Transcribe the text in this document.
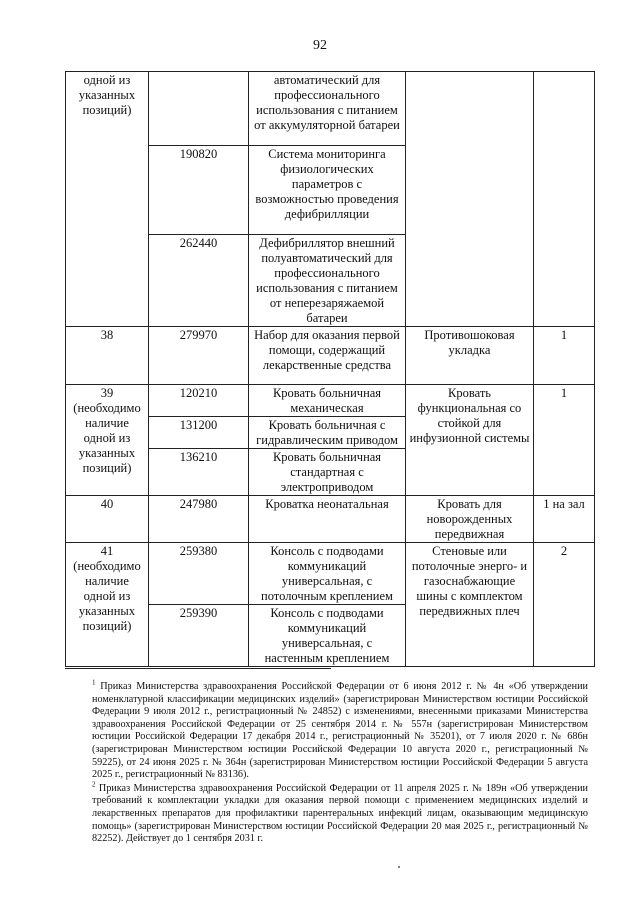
92
одной из указанных позиций)		автоматический для профессионального использования с питанием от аккумуляторной батареи		
	190820	Система мониторинга физиологических параметров с возможностью проведения дефибрилляции		
	262440	Дефибриллятор внешний полуавтоматический для профессионального использования с питанием от неперезаряжаемой батареи		
38	279970	Набор для оказания первой помощи, содержащий лекарственные средства	Противошоковая укладка	1
39 (необходимо наличие одной из указанных позиций)	120210	Кровать больничная механическая	Кровать функциональная со стойкой для инфузионной системы	1
	131200	Кровать больничная с гидравлическим приводом		
	136210	Кровать больничная стандартная с электроприводом		
40	247980	Кроватка неонатальная	Кровать для новорожденных передвижная	1 на зал
41 (необходимо наличие одной из указанных позиций)	259380	Консоль с подводами коммуникаций универсальная, с потолочным креплением	Стеновые или потолочные энерго- и газоснабжающие шины с комплектом передвижных плеч	2
	259390	Консоль с подводами коммуникаций универсальная, с настенным креплением		

$^1$ Приказ Министерства здравоохранения Российской Федерации от 6 июня 2012 г. № 4н «Об утверждении номенклатурной классификации медицинских изделий» (зарегистрирован Министерством юстиции Российской Федерации 9 июля 2012 г., регистрационный № 24852) с изменениями, внесенными приказами Министерства здравоохранения Российской Федерации от 25 сентября 2014 г. № 557н (зарегистрирован Министерством юстиции Российской Федерации 17 декабря 2014 г., регистрационный № 35201), от 7 июля 2020 г. № 686н (зарегистрирован Министерством юстиции Российской Федерации 10 августа 2020 г., регистрационный № 59225), от 24 июня 2025 г. № 364н (зарегистрирован Министерством юстиции Российской Федерации 5 августа 2025 г., регистрационный № 83136).

$^2$ Приказ Министерства здравоохранения Российской Федерации от 11 апреля 2025 г. № 189н «Об утверждении требований к комплектации укладки для оказания первой помощи с применением медицинских изделий и лекарственных препаратов для профилактики парентеральных инфекций лицам, оказывающим медицинскую помощь» (зарегистрирован Министерством юстиции Российской Федерации 20 мая 2025 г., регистрационный № 82252). Действует до 1 сентября 2031 г.
